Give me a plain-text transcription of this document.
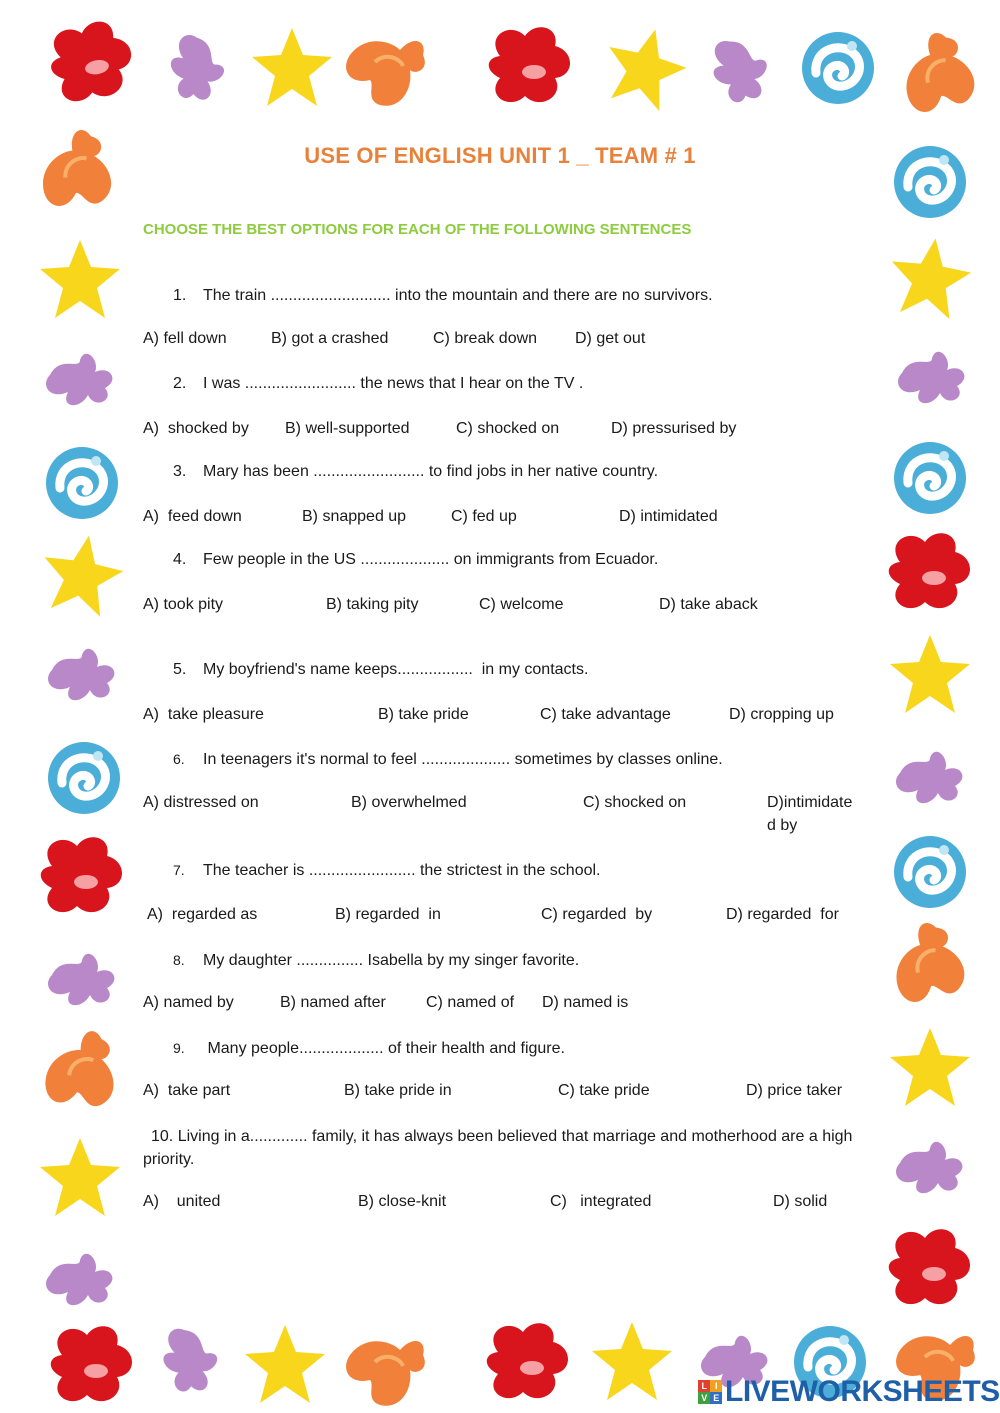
USE OF ENGLISH UNIT 1 _ TEAM # 1
CHOOSE THE BEST OPTIONS FOR EACH OF THE FOLLOWING SENTENCES
1. The train ........................... into the mountain and there are no survivors.
A) fell down	B) got a crashed	C) break down D) get out
2. I was ......................... the news that I hear on the TV .
A)  shocked by B) well-supported	C) shocked on	D) pressurised by
3. Mary has been ......................... to find jobs in her native country.
A)  feed down	B) snapped up	C) fed up	D) intimidated
4. Few people in the US .................... on immigrants from Ecuador.
A) took pity	B) taking pity	C) welcome	D) take aback
5. My boyfriend's name keeps.................  in my contacts.
A)  take pleasure	B) take pride	C) take advantage	D) cropping up
6. In teenagers it's normal to feel .................... sometimes by classes online.
A) distressed on	B) overwhelmed	C) shocked on	D)intimidated by
7. The teacher is ........................ the strictest in the school.
A)  regarded as	B) regarded  in	C) regarded  by	D) regarded  for
8. My daughter ............... Isabella by my singer favorite.
A) named by	B) named after	C) named of D) named is
9. Many people................... of their health and figure.
A)  take part	B) take pride in	C) take pride	D) price taker
10. Living in a............. family, it has always been believed that marriage and motherhood are a high priority.
A)    united	B) close-knit	C)   integrated	D) solid
L I
V E LIVEWORKSHEETS
